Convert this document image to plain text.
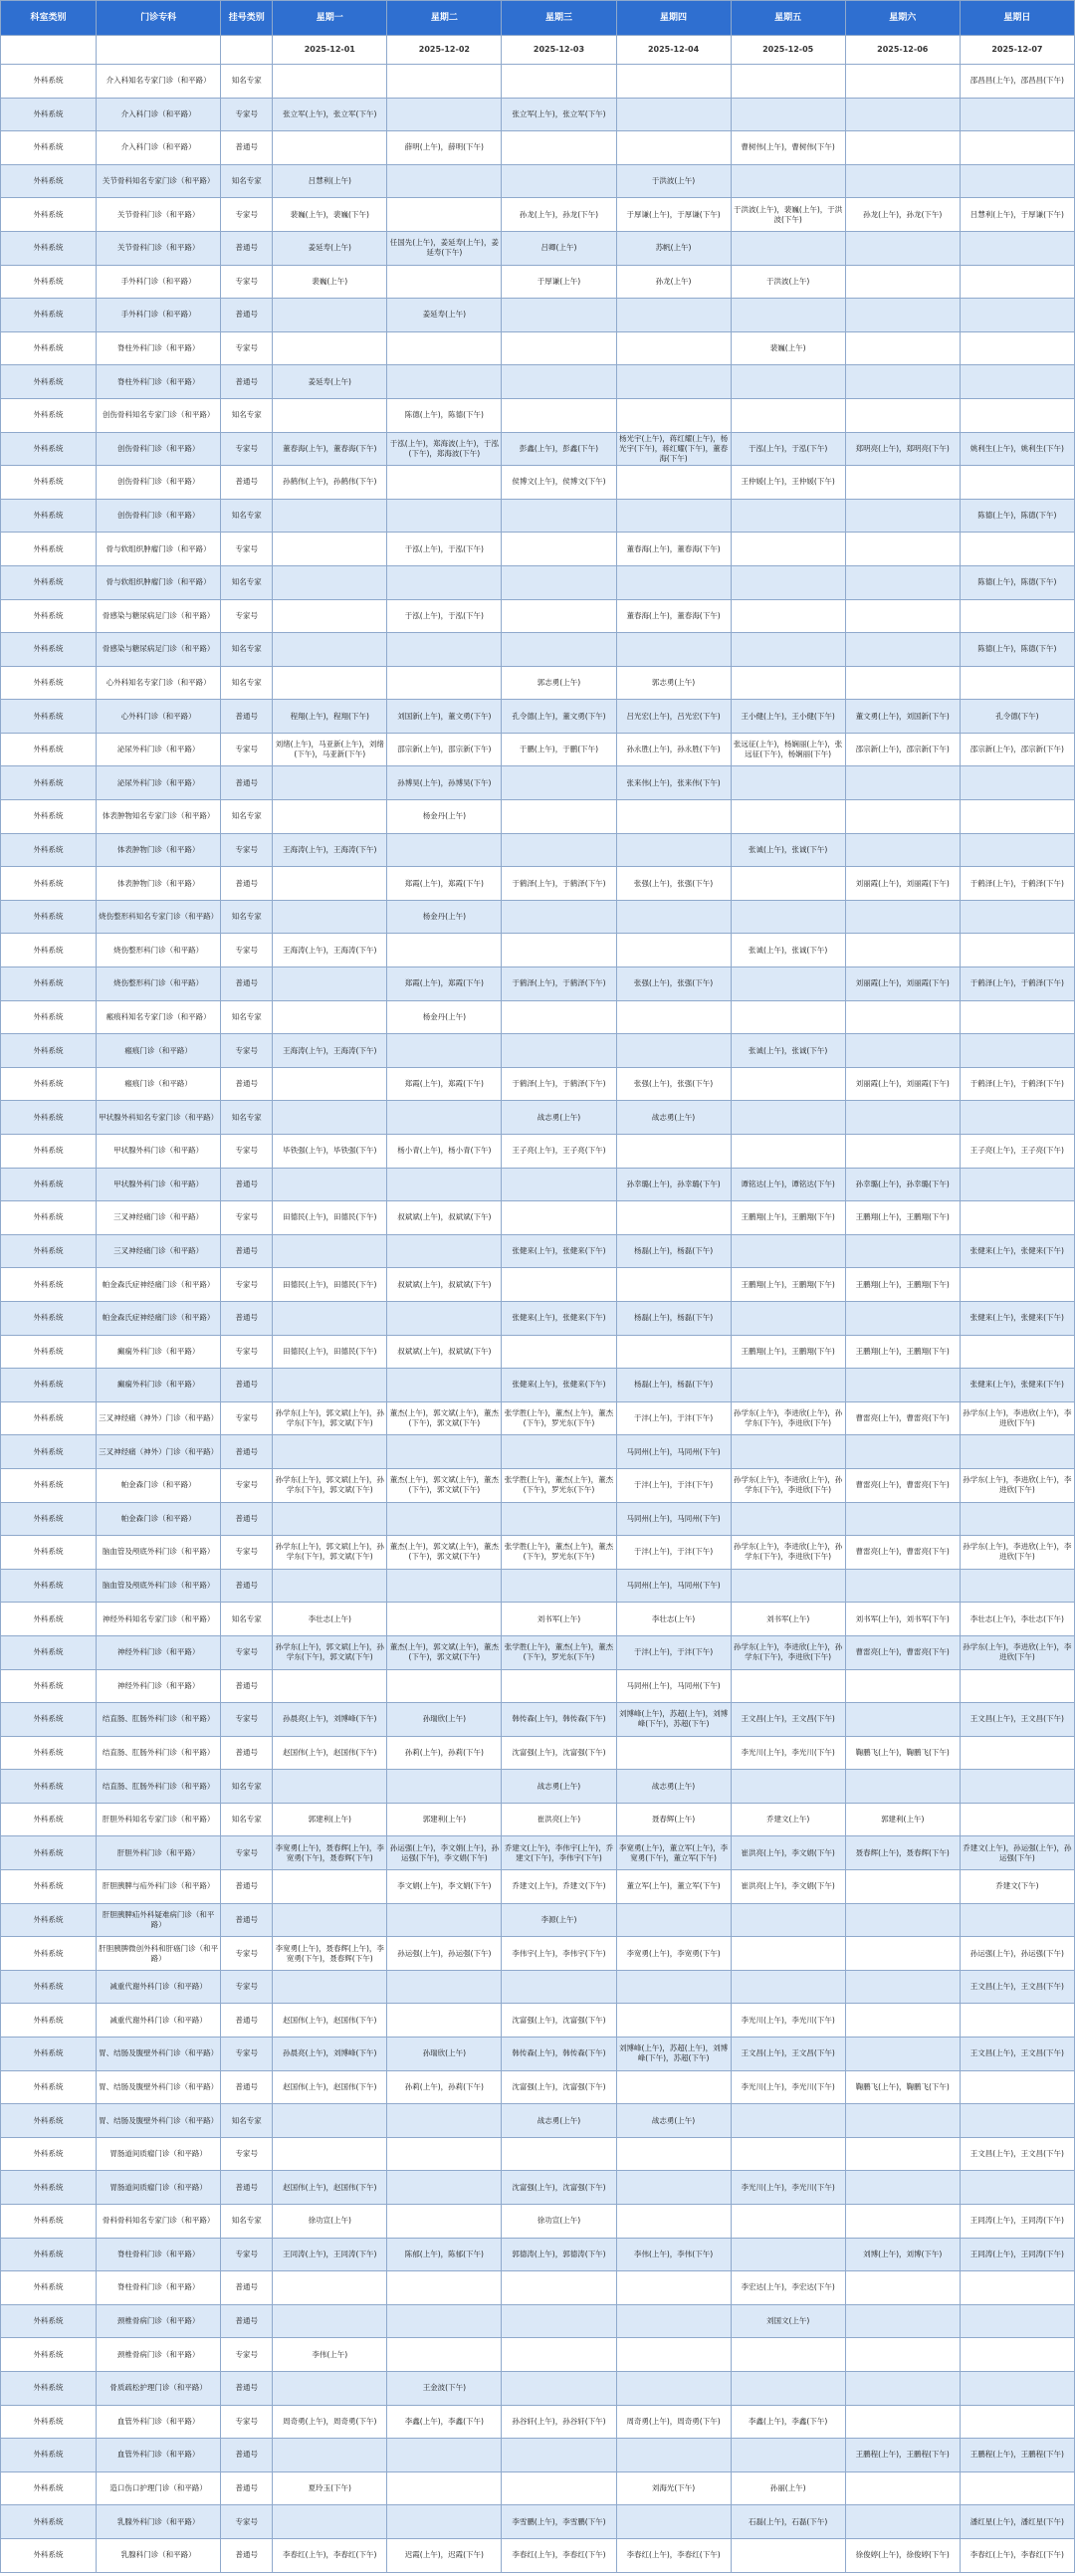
科室类别	门诊专科	挂号类别	星期一	星期二	星期三	星期四	星期五	星期六	星期日
			2025-12-01	2025-12-02	2025-12-03	2025-12-04	2025-12-05	2025-12-06	2025-12-07
外科系统	介入科知名专家门诊（和平路）	知名专家							邵昌昌(上午)，邵昌昌(下午)
外科系统	介入科门诊（和平路）	专家号	张立军(上午)，张立军(下午)		张立军(上午)，张立军(下午)				
外科系统	介入科门诊（和平路）	普通号		薛明(上午)，薛明(下午)			曹树伟(上午)，曹树伟(下午)		
外科系统	关节骨科知名专家门诊（和平路）	知名专家	吕慧利(上午)			于洪波(上午)			
外科系统	关节骨科门诊（和平路）	专家号	裴巍(上午)，裴巍(下午)		孙龙(上午)，孙龙(下午)	于厚谦(上午)，于厚谦(下午)	于洪波(上午)，裴巍(上午)，于洪波(下午)	孙龙(上午)，孙龙(下午)	吕慧利(上午)，于厚谦(下午)
外科系统	关节骨科门诊（和平路）	普通号	姜延寿(上午)	任国先(上午)，姜延寿(上午)，姜延寿(下午)	吕卿(上午)	苏帆(上午)			
外科系统	手外科门诊（和平路）	专家号	裴巍(上午)		于厚谦(上午)	孙龙(上午)	于洪波(上午)		
外科系统	手外科门诊（和平路）	普通号		姜延寿(上午)					
外科系统	脊柱外科门诊（和平路）	专家号					裴巍(上午)		
外科系统	脊柱外科门诊（和平路）	普通号	姜延寿(上午)						
外科系统	创伤骨科知名专家门诊（和平路）	知名专家		陈德(上午)，陈德(下午)					
外科系统	创伤骨科门诊（和平路）	专家号	董春海(上午)，董春海(下午)	于泓(上午)，郑海波(上午)，于泓(下午)，郑海波(下午)	彭鑫(上午)，彭鑫(下午)	杨光宇(上午)，蒋红耀(上午)，杨光宇(下午)，蒋红耀(下午)，董春海(下午)	于泓(上午)，于泓(下午)	郑明亮(上午)，郑明亮(下午)	姚利生(上午)，姚利生(下午)
外科系统	创伤骨科门诊（和平路）	普通号	孙鹤伟(上午)，孙鹤伟(下午)		侯博文(上午)，侯博文(下午)		王仲媛(上午)，王仲媛(下午)		
外科系统	创伤骨科门诊（和平路）	知名专家							陈德(上午)，陈德(下午)
外科系统	骨与软组织肿瘤门诊（和平路）	专家号		于泓(上午)，于泓(下午)		董春海(上午)，董春海(下午)			
外科系统	骨与软组织肿瘤门诊（和平路）	知名专家							陈德(上午)，陈德(下午)
外科系统	骨感染与糖尿病足门诊（和平路）	专家号		于泓(上午)，于泓(下午)		董春海(上午)，董春海(下午)			
外科系统	骨感染与糖尿病足门诊（和平路）	知名专家							陈德(上午)，陈德(下午)
外科系统	心外科知名专家门诊（和平路）	知名专家			郭志勇(上午)	郭志勇(上午)			
外科系统	心外科门诊（和平路）	普通号	程翔(上午)，程翔(下午)	刘国新(上午)，董文勇(下午)	孔令德(上午)，董文勇(下午)	吕光宏(上午)，吕光宏(下午)	王小健(上午)，王小健(下午)	董文勇(上午)，刘国新(下午)	孔令德(下午)
外科系统	泌尿外科门诊（和平路）	专家号	刘绪(上午)，马亚新(上午)，刘绪(下午)，马亚新(下午)	邵宗新(上午)，邵宗新(下午)	于鹏(上午)，于鹏(下午)	孙永胜(上午)，孙永胜(下午)	张远征(上午)，杨娴丽(上午)，张远征(下午)，杨娴丽(下午)	邵宗新(上午)，邵宗新(下午)	邵宗新(上午)，邵宗新(下午)
外科系统	泌尿外科门诊（和平路）	普通号		孙博昊(上午)，孙博昊(下午)		张来伟(上午)，张来伟(下午)			
外科系统	体表肿物知名专家门诊（和平路）	知名专家		杨金丹(上午)					
外科系统	体表肿物门诊（和平路）	专家号	王海涛(上午)，王海涛(下午)				张诚(上午)，张诚(下午)		
外科系统	体表肿物门诊（和平路）	普通号		郑霞(上午)，郑霞(下午)	于鹤泽(上午)，于鹤泽(下午)	张强(上午)，张强(下午)		刘丽霞(上午)，刘丽霞(下午)	于鹤泽(上午)，于鹤泽(下午)
外科系统	烧伤整形科知名专家门诊（和平路）	知名专家		杨金丹(上午)					
外科系统	烧伤整形科门诊（和平路）	专家号	王海涛(上午)，王海涛(下午)				张诚(上午)，张诚(下午)		
外科系统	烧伤整形科门诊（和平路）	普通号		郑霞(上午)，郑霞(下午)	于鹤泽(上午)，于鹤泽(下午)	张强(上午)，张强(下午)		刘丽霞(上午)，刘丽霞(下午)	于鹤泽(上午)，于鹤泽(下午)
外科系统	瘢痕科知名专家门诊（和平路）	知名专家		杨金丹(上午)					
外科系统	瘢痕门诊（和平路）	专家号	王海涛(上午)，王海涛(下午)				张诚(上午)，张诚(下午)		
外科系统	瘢痕门诊（和平路）	普通号		郑霞(上午)，郑霞(下午)	于鹤泽(上午)，于鹤泽(下午)	张强(上午)，张强(下午)		刘丽霞(上午)，刘丽霞(下午)	于鹤泽(上午)，于鹤泽(下午)
外科系统	甲状腺外科知名专家门诊（和平路）	知名专家			战志勇(上午)	战志勇(上午)			
外科系统	甲状腺外科门诊（和平路）	专家号	毕铁强(上午)，毕铁强(下午)	杨小青(上午)，杨小青(下午)	王子亮(上午)，王子亮(下午)				王子亮(上午)，王子亮(下午)
外科系统	甲状腺外科门诊（和平路）	普通号				孙幸璐(上午)，孙幸璐(下午)	谭铭达(上午)，谭铭达(下午)	孙幸璐(上午)，孙幸璐(下午)	
外科系统	三叉神经痛门诊（和平路）	专家号	田德民(上午)，田德民(下午)	叔斌斌(上午)，叔斌斌(下午)			王鹏翔(上午)，王鹏翔(下午)	王鹏翔(上午)，王鹏翔(下午)	
外科系统	三叉神经痛门诊（和平路）	普通号			张健来(上午)，张健来(下午)	杨磊(上午)，杨磊(下午)			张健来(上午)，张健来(下午)
外科系统	帕金森氏症神经痛门诊（和平路）	专家号	田德民(上午)，田德民(下午)	叔斌斌(上午)，叔斌斌(下午)			王鹏翔(上午)，王鹏翔(下午)	王鹏翔(上午)，王鹏翔(下午)	
外科系统	帕金森氏症神经痛门诊（和平路）	普通号			张健来(上午)，张健来(下午)	杨磊(上午)，杨磊(下午)			张健来(上午)，张健来(下午)
外科系统	癫痫外科门诊（和平路）	专家号	田德民(上午)，田德民(下午)	叔斌斌(上午)，叔斌斌(下午)			王鹏翔(上午)，王鹏翔(下午)	王鹏翔(上午)，王鹏翔(下午)	
外科系统	癫痫外科门诊（和平路）	普通号			张健来(上午)，张健来(下午)	杨磊(上午)，杨磊(下午)			张健来(上午)，张健来(下午)
外科系统	三叉神经痛（神外）门诊（和平路）	专家号	孙学东(上午)，郭文斌(上午)，孙学东(下午)，郭文斌(下午)	董杰(上午)，郭文斌(上午)，董杰(下午)，郭文斌(下午)	张学胜(上午)，董杰(上午)，董杰(下午)，罗光东(下午)	于沣(上午)，于沣(下午)	孙学东(上午)，李进欣(上午)，孙学东(下午)，李进欣(下午)	曹雷亮(上午)，曹雷亮(下午)	孙学东(上午)，李进欣(上午)，李进欣(下午)
外科系统	三叉神经痛（神外）门诊（和平路）	普通号				马同州(上午)，马同州(下午)			
外科系统	帕金森门诊（和平路）	专家号	孙学东(上午)，郭文斌(上午)，孙学东(下午)，郭文斌(下午)	董杰(上午)，郭文斌(上午)，董杰(下午)，郭文斌(下午)	张学胜(上午)，董杰(上午)，董杰(下午)，罗光东(下午)	于沣(上午)，于沣(下午)	孙学东(上午)，李进欣(上午)，孙学东(下午)，李进欣(下午)	曹雷亮(上午)，曹雷亮(下午)	孙学东(上午)，李进欣(上午)，李进欣(下午)
外科系统	帕金森门诊（和平路）	普通号				马同州(上午)，马同州(下午)			
外科系统	脑血管及颅底外科门诊（和平路）	专家号	孙学东(上午)，郭文斌(上午)，孙学东(下午)，郭文斌(下午)	董杰(上午)，郭文斌(上午)，董杰(下午)，郭文斌(下午)	张学胜(上午)，董杰(上午)，董杰(下午)，罗光东(下午)	于沣(上午)，于沣(下午)	孙学东(上午)，李进欣(上午)，孙学东(下午)，李进欣(下午)	曹雷亮(上午)，曹雷亮(下午)	孙学东(上午)，李进欣(上午)，李进欣(下午)
外科系统	脑血管及颅底外科门诊（和平路）	普通号				马同州(上午)，马同州(下午)			
外科系统	神经外科知名专家门诊（和平路）	知名专家	李壮志(上午)		刘书军(上午)	李壮志(上午)	刘书军(上午)	刘书军(上午)，刘书军(下午)	李壮志(上午)，李壮志(下午)
外科系统	神经外科门诊（和平路）	专家号	孙学东(上午)，郭文斌(上午)，孙学东(下午)，郭文斌(下午)	董杰(上午)，郭文斌(上午)，董杰(下午)，郭文斌(下午)	张学胜(上午)，董杰(上午)，董杰(下午)，罗光东(下午)	于沣(上午)，于沣(下午)	孙学东(上午)，李进欣(上午)，孙学东(下午)，李进欣(下午)	曹雷亮(上午)，曹雷亮(下午)	孙学东(上午)，李进欣(上午)，李进欣(下午)
外科系统	神经外科门诊（和平路）	普通号				马同州(上午)，马同州(下午)			
外科系统	结直肠、肛肠外科门诊（和平路）	专家号	孙晨亮(上午)，刘博峰(下午)	孙瑞欣(上午)	韩传森(上午)，韩传森(下午)	刘博峰(上午)，苏超(上午)，刘博峰(下午)，苏超(下午)	王文昌(上午)，王文昌(下午)		王文昌(上午)，王文昌(下午)
外科系统	结直肠、肛肠外科门诊（和平路）	普通号	赵国伟(上午)，赵国伟(下午)	孙莉(上午)，孙莉(下午)	沈富强(上午)，沈富强(下午)		李光川(上午)，李光川(下午)	鞠鹏飞(上午)，鞠鹏飞(下午)	
外科系统	结直肠、肛肠外科门诊（和平路）	知名专家			战志勇(上午)	战志勇(上午)			
外科系统	肝胆外科知名专家门诊（和平路）	知名专家	郭建利(上午)	郭建利(上午)	崔洪亮(上午)	聂春辉(上午)	乔建文(上午)	郭建利(上午)	
外科系统	肝胆外科门诊（和平路）	专家号	李宽勇(上午)，聂春辉(上午)，李宽勇(下午)，聂春辉(下午)	孙运强(上午)，李文娟(上午)，孙运强(下午)，李文娟(下午)	乔建文(上午)，李伟宇(上午)，乔建文(下午)，李伟宇(下午)	李宽勇(上午)，董立军(上午)，李宽勇(下午)，董立军(下午)	崔洪亮(上午)，李文娟(下午)	聂春辉(上午)，聂春辉(下午)	乔建文(上午)，孙运强(上午)，孙运强(下午)
外科系统	肝胆胰脾与疝外科门诊（和平路）	普通号		李文娟(上午)，李文娟(下午)	乔建文(上午)，乔建文(下午)	董立军(上午)，董立军(下午)	崔洪亮(上午)，李文娟(下午)		乔建文(下午)
外科系统	肝胆胰脾疝外科疑难病门诊（和平路）	普通号			李源(上午)				
外科系统	肝胆胰脾微创外科和肝癌门诊（和平路）	专家号	李宽勇(上午)，聂春辉(上午)，李宽勇(下午)，聂春辉(下午)	孙运强(上午)，孙运强(下午)	李伟宇(上午)，李伟宇(下午)	李宽勇(上午)，李宽勇(下午)			孙运强(上午)，孙运强(下午)
外科系统	减重代谢外科门诊（和平路）	专家号							王文昌(上午)，王文昌(下午)
外科系统	减重代谢外科门诊（和平路）	普通号	赵国伟(上午)，赵国伟(下午)		沈富强(上午)，沈富强(下午)		李光川(上午)，李光川(下午)		
外科系统	胃、结肠及腹壁外科门诊（和平路）	专家号	孙晨亮(上午)，刘博峰(下午)	孙瑞欣(上午)	韩传森(上午)，韩传森(下午)	刘博峰(上午)，苏超(上午)，刘博峰(下午)，苏超(下午)	王文昌(上午)，王文昌(下午)		王文昌(上午)，王文昌(下午)
外科系统	胃、结肠及腹壁外科门诊（和平路）	普通号	赵国伟(上午)，赵国伟(下午)	孙莉(上午)，孙莉(下午)	沈富强(上午)，沈富强(下午)		李光川(上午)，李光川(下午)	鞠鹏飞(上午)，鞠鹏飞(下午)	
外科系统	胃、结肠及腹壁外科门诊（和平路）	知名专家			战志勇(上午)	战志勇(上午)			
外科系统	胃肠道间质瘤门诊（和平路）	专家号							王文昌(上午)，王文昌(下午)
外科系统	胃肠道间质瘤门诊（和平路）	普通号	赵国伟(上午)，赵国伟(下午)		沈富强(上午)，沈富强(下午)		李光川(上午)，李光川(下午)		
外科系统	骨科骨科知名专家门诊（和平路）	知名专家	徐功宣(上午)		徐功宣(上午)				王同涛(上午)，王同涛(下午)
外科系统	脊柱骨科门诊（和平路）	专家号	王同涛(上午)，王同涛(下午)	陈郁(上午)，陈郁(下午)	郭德涛(上午)，郭德涛(下午)	李伟(上午)，李伟(下午)		刘博(上午)，刘博(下午)	王同涛(上午)，王同涛(下午)
外科系统	脊柱骨科门诊（和平路）	普通号					李宏达(上午)，李宏达(下午)		
外科系统	颈椎骨病门诊（和平路）	普通号					刘国文(上午)		
外科系统	颈椎骨病门诊（和平路）	专家号	李伟(上午)						
外科系统	骨质疏松护理门诊（和平路）	普通号		王金波(下午)					
外科系统	血管外科门诊（和平路）	专家号	周奇勇(上午)，周奇勇(下午)	李鑫(上午)，李鑫(下午)	孙谷轩(上午)，孙谷轩(下午)	周奇勇(上午)，周奇勇(下午)	李鑫(上午)，李鑫(下午)		
外科系统	血管外科门诊（和平路）	普通号						王鹏程(上午)，王鹏程(下午)	王鹏程(上午)，王鹏程(下午)
外科系统	造口伤口护理门诊（和平路）	普通号	夏玲玉(下午)			刘海光(下午)	孙丽(上午)		
外科系统	乳腺外科门诊（和平路）	专家号			李雪鹏(上午)，李雪鹏(下午)		石磊(上午)，石磊(下午)		潘红星(上午)，潘红星(下午)
外科系统	乳腺科门诊（和平路）	普通号	李春红(上午)，李春红(下午)	迟霞(上午)，迟霞(下午)	李春红(上午)，李春红(下午)	李春红(上午)，李春红(下午)		徐俊婷(上午)，徐俊婷(下午)	李春红(上午)，李春红(下午)
